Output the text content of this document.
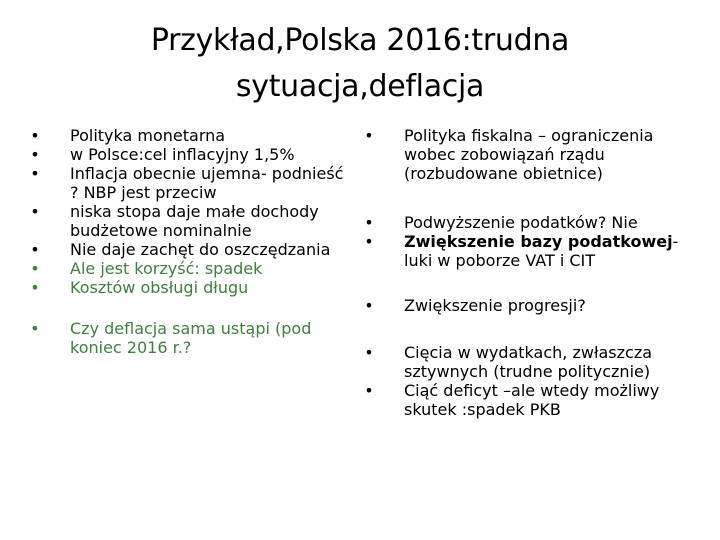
Przykład,Polska 2016:trudna
sytuacja,deflacja
• Polityka monetarna
• w Polsce:cel inflacyjny 1,5%
• Inflacja obecnie ujemna- podnieść ? NBP jest przeciw
• niska stopa daje małe dochody budżetowe nominalnie
• Nie daje zachęt do oszczędzania
• Ale jest korzyść: spadek
• Kosztów obsługi długu
• Czy deflacja sama ustąpi (pod koniec 2016 r.?
• Polityka fiskalna – ograniczenia wobec zobowiązań rządu (rozbudowane obietnice)
• Podwyższenie podatków? Nie
• Zwiększenie bazy podatkowej- luki w poborze VAT i CIT
• Zwiększenie progresji?
• Cięcia w wydatkach, zwłaszcza sztywnych (trudne politycznie)
• Ciąć deficyt –ale wtedy możliwy skutek :spadek PKB
